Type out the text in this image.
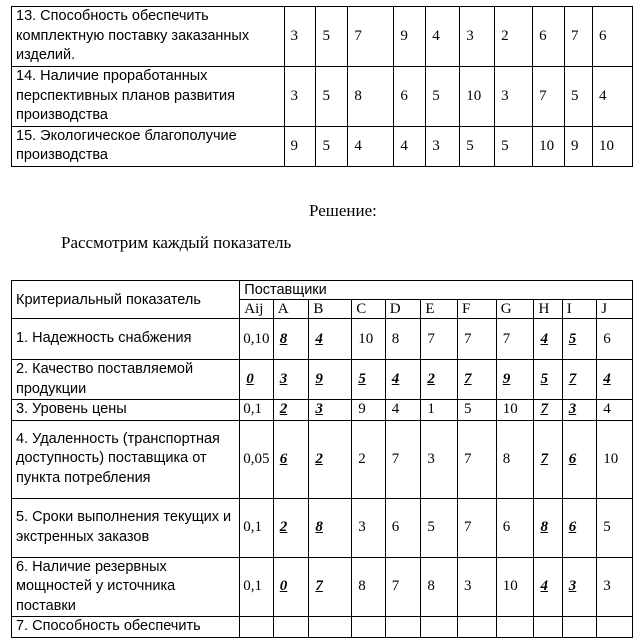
13. Способность обеспечить комплектную поставку заказанных изделий.	3	5	7	9	4	3	2	6	7	6
14. Наличие проработанных перспективных планов развития производства	3	5	8	6	5	10	3	7	5	4
15. Экологическое благополучие производства	9	5	4	4	3	5	5	10	9	10
Решение:
Рассмотрим каждый показатель
Критериальный показатель	Поставщики										
	Aij	A	B	C	D	E	F	G	H	I	J
1. Надежность снабжения	0,10	8	4	10	8	7	7	7	4	5	6
2. Качество поставляемой продукции	0	3	9	5	4	2	7	9	5	7	4
3. Уровень цены	0,1	2	3	9	4	1	5	10	7	3	4
4. Удаленность (транспортная доступность) поставщика от пункта потребления	0,05	6	2	2	7	3	7	8	7	6	10
5. Сроки выполнения текущих и экстренных заказов	0,1	2	8	3	6	5	7	6	8	6	5
6. Наличие резервных мощностей у источника поставки	0,1	0	7	8	7	8	3	10	4	3	3
7. Способность обеспечить											
